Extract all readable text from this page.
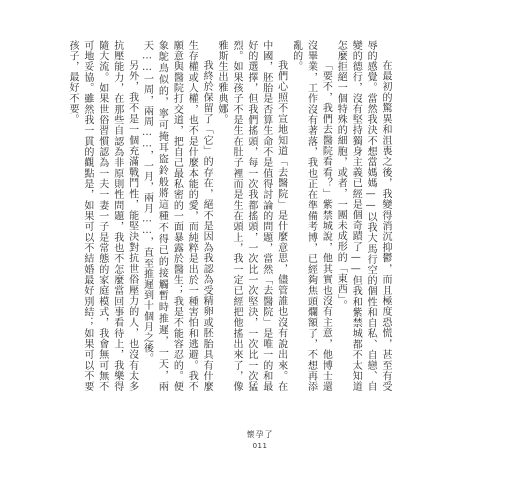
在最初的驚異和沮喪之後，我變得消沉抑鬱，而且極度恐慌，甚至有受辱的感覺。當然我決不想當媽媽——以我大馬行空的個性和自私、自戀、自變的德行，沒有堅持獨身主義已經是個奇蹟了——但我和紫禁城都不太知道怎麼拒絕一個特殊的細胞，或者，一團未成形的「東西」。

「要不，我們去醫院看看？」紫禁城說，他其實也沒有主意，他博士還沒畢業，工作沒有著落，我也正在準備考博，已經夠焦頭爛額了，不想再添亂的。

我們心照不宣地知道「去醫院」是什麼意思，儘管誰也沒有說出來。在中國，胚胎是否算生命不是值得討論的問題，當然「去醫院」是唯一的和最好的選擇，但我們搖頭，每一次我都搖頭，一次比一次堅決，一次比一次猛烈。如果孩子不是生在肚子裡而是生在頭上，我一定已經把他搖出來了，像雅斯生出雅典娜。

我終於保留了「它」的存在，絕不是因為我認為受精卵或胚胎具有什麼生存權或人權，也不是什麼本能的愛，而純粹是出於一種害怕和逃避。我不願意與醫院打交道，把自己最私密的一面暴露於醫生；我是不能容忍的。便象鴕鳥似的，寧可掩耳盜鈴般將這種不得已的接觸暫時推遲，一天，兩天……一周，兩周……，一月，兩月……，直至推遲到十個月之後。

另外，我不是一個充滿戰鬥性，能堅決對抗世俗壓力的人，也沒有太多抗壓能力，在那些自認為非原則性問題，我也不怎麼當回事看待上，我樂得隨大流。如果世俗習慣認為一夫一妻一子是常態的家庭模式，我會無可無不可地妥協。雖然我一貫的觀點是，如果可以不結婚最好別結；如果可以不要孩子，最好不要。

懷孕了
011
